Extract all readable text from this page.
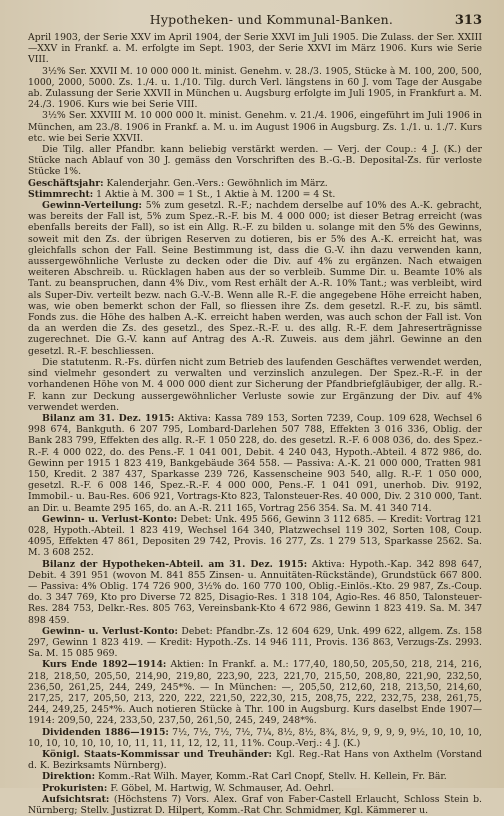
Hypotheken- und Kommunal-Banken.	313

April 1903, der Serie XXV im April 1904, der Serie XXVI im Juli 1905. Die Zulass. der Ser. XXIII—XXV in Frankf. a. M. erfolgte im Sept. 1903, der Serie XXVI im März 1906. Kurs wie Serie VIII.

3½% Ser. XXVII M. 10 000 000 lt. minist. Genehm. v. 28./3. 1905, Stücke à M. 100, 200, 500, 1000, 2000, 5000. Zs. 1./4. u. 1./10. Tilg. durch Verl. längstens in 60 J. vom Tage der Ausgabe ab. Zulassung der Serie XXVII in München u. Augsburg erfolgte im Juli 1905, in Frankfurt a. M. 24./3. 1906. Kurs wie bei Serie VIII.

3½% Ser. XXVIII M. 10 000 000 lt. minist. Genehm. v. 21./4. 1906, eingeführt im Juli 1906 in München, am 23./8. 1906 in Frankf. a. M. u. im August 1906 in Augsburg. Zs. 1./1. u. 1./7. Kurs etc. wie bei Serie XXVII.

Die Tilg. aller Pfandbr. kann beliebig verstärkt werden. — Verj. der Coup.: 4 J. (K.) der Stücke nach Ablauf von 30 J. gemäss den Vorschriften des B.-G.-B. Deposital-Zs. für verloste Stücke 1%.

Geschäftsjahr: Kalenderjahr. Gen.-Vers.: Gewöhnlich im März.

Stimmrecht: 1 Aktie à M. 300 = 1 St., 1 Aktie à M. 1200 = 4 St.

Gewinn-Verteilung: 5% zum gesetzl. R.-F.; nachdem derselbe auf 10% des A.-K. gebracht, was bereits der Fall ist, 5% zum Spez.-R.-F. bis M. 4 000 000; ist dieser Betrag erreicht (was ebenfalls bereits der Fall), so ist ein Allg. R.-F. zu bilden u. solange mit den 5% des Gewinns, soweit mit den Zs. der übrigen Reserven zu dotieren, bis er 5% des A.-K. erreicht hat, was gleichfalls schon der Fall. Seine Bestimmung ist, dass die G.-V. ihn dazu verwenden kann, aussergewöhnliche Verluste zu decken oder die Div. auf 4% zu ergänzen. Nach etwaigen weiteren Abschreib. u. Rücklagen haben aus der so verbleib. Summe Dir. u. Beamte 10% als Tant. zu beanspruchen, dann 4% Div., vom Rest erhält der A.-R. 10% Tant.; was verbleibt, wird als Super-Div. verteilt bezw. nach G.-V.-B. Wenn alle R.-F. die angegebene Höhe erreicht haben, was, wie oben bemerkt schon der Fall, so fliessen ihre Zs. dem gesetzl. R.-F. zu, bis sämtl. Fonds zus. die Höhe des halben A.-K. erreicht haben werden, was auch schon der Fall ist. Von da an werden die Zs. des gesetzl., des Spez.-R.-F. u. des allg. R.-F. dem Jahreserträgnisse zugerechnet. Die G.-V. kann auf Antrag des A.-R. Zuweis. aus dem jährl. Gewinne an den gesetzl. R.-F. beschliessen.

Die statutenm. R.-Fs. dürfen nicht zum Betrieb des laufenden Geschäftes verwendet werden, sind vielmehr gesondert zu verwalten und verzinslich anzulegen. Der Spez.-R.-F. in der vorhandenen Höhe von M. 4 000 000 dient zur Sicherung der Pfandbriefgläubiger, der allg. R.-F. kann zur Deckung aussergewöhnlicher Verluste sowie zur Ergänzung der Div. auf 4% verwendet werden.

Bilanz am 31. Dez. 1915: Aktiva: Kassa 789 153, Sorten 7239, Coup. 109 628, Wechsel 6 998 674, Bankguth. 6 207 795, Lombard-Darlehen 507 788, Effekten 3 016 336, Oblig. der Bank 283 799, Effekten des allg. R.-F. 1 050 228, do. des gesetzl. R.-F. 6 008 036, do. des Spez.-R.-F. 4 000 022, do. des Pens.-F. 1 041 001, Debit. 4 240 043, Hypoth.-Abteil. 4 872 986, do. Gewinn per 1915 1 823 419, Bankgebäude 364 558. — Passiva: A.-K. 21 000 000, Tratten 981 150, Kredit. 2 387 437, Sparkasse 239 726, Kassenscheine 903 540, allg. R.-F. 1 050 000, gesetzl. R.-F. 6 008 146, Spez.-R.-F. 4 000 000, Pens.-F. 1 041 091, unerhob. Div. 9192, Immobil.- u. Bau-Res. 606 921, Vortrags-Kto 823, Talonsteuer-Res. 40 000, Div. 2 310 000, Tant. an Dir. u. Beamte 295 165, do. an A.-R. 211 165, Vortrag 256 354. Sa. M. 41 340 714.

Gewinn- u. Verlust-Konto: Debet: Unk. 495 566, Gewinn 3 112 685. — Kredit: Vortrag 121 028, Hypoth.-Abteil. 1 823 419, Wechsel 164 340, Platzwechsel 119 302, Sorten 108, Coup. 4095, Effekten 47 861, Depositen 29 742, Provis. 16 277, Zs. 1 279 513, Sparkasse 2562. Sa. M. 3 608 252.

Bilanz der Hypotheken-Abteil. am 31. Dez. 1915: Aktiva: Hypoth.-Kap. 342 898 647, Debit. 4 391 951 (wovon M. 841 855 Zinsen- u. Annuitäten-Rückstände), Grundstück 667 800. — Passiva: 4% Oblig. 174 726 900, 3½% do. 160 770 100, Oblig.-Einlös.-Kto. 29 987, Zs.-Coup. do. 3 347 769, Kto pro Diverse 72 825, Disagio-Res. 1 318 104, Agio-Res. 46 850, Talonsteuer-Res. 284 753, Delkr.-Res. 805 763, Vereinsbank-Kto 4 672 986, Gewinn 1 823 419. Sa. M. 347 898 459.

Gewinn- u. Verlust-Konto: Debet: Pfandbr.-Zs. 12 604 629, Unk. 499 622, allgem. Zs. 158 297, Gewinn 1 823 419. — Kredit: Hypoth.-Zs. 14 946 111, Provis. 136 863, Verzugs-Zs. 2993. Sa. M. 15 085 969.

Kurs Ende 1892—1914: Aktien: In Frankf. a. M.: 177,40, 180,50, 205,50, 218, 214, 216, 218, 218,50, 205,50, 214,90, 219,80, 223,90, 223, 221,70, 215,50, 208,80, 221,90, 232,50, 236,50, 261,25, 244, 249, 245*%. — In München: —, 205,50, 212,60, 218, 213,50, 214,60, 217,25, 217, 205,50, 213, 220, 222, 221,50, 222,30, 215, 208,75, 222, 232,75, 238, 261,75, 244, 249,25, 245*%. Auch notieren Stücke à Thr. 100 in Augsburg. Kurs daselbst Ende 1907—1914: 209,50, 224, 233,50, 237,50, 261,50, 245, 249, 248*%.

Dividenden 1886—1915: 7½, 7½, 7½, 7½, 7¼, 8½, 8½, 8¾, 8½, 9, 9, 9, 9, 9½, 10, 10, 10, 10, 10, 10, 10, 10, 10, 11, 11, 11, 12, 12, 11, 11%. Coup.-Verj.: 4 J. (K.)

Königl. Staats-Kommissar und Treuhänder: Kgl. Reg.-Rat Hans von Axthelm (Vorstand d. K. Bezirksamts Nürnberg).

Direktion: Komm.-Rat Wilh. Mayer, Komm.-Rat Carl Cnopf, Stellv. H. Kellein, Fr. Bär.

Prokuristen: F. Göbel, M. Hartwig, W. Schmauser, Ad. Oehrl.

Aufsichtsrat: (Höchstens 7) Vors. Alex. Graf von Faber-Castell Erlaucht, Schloss Stein b. Nürnberg; Stellv. Justizrat D. Hilpert, Komm.-Rat Chr. Schmidmer, Kgl. Kämmerer u.
